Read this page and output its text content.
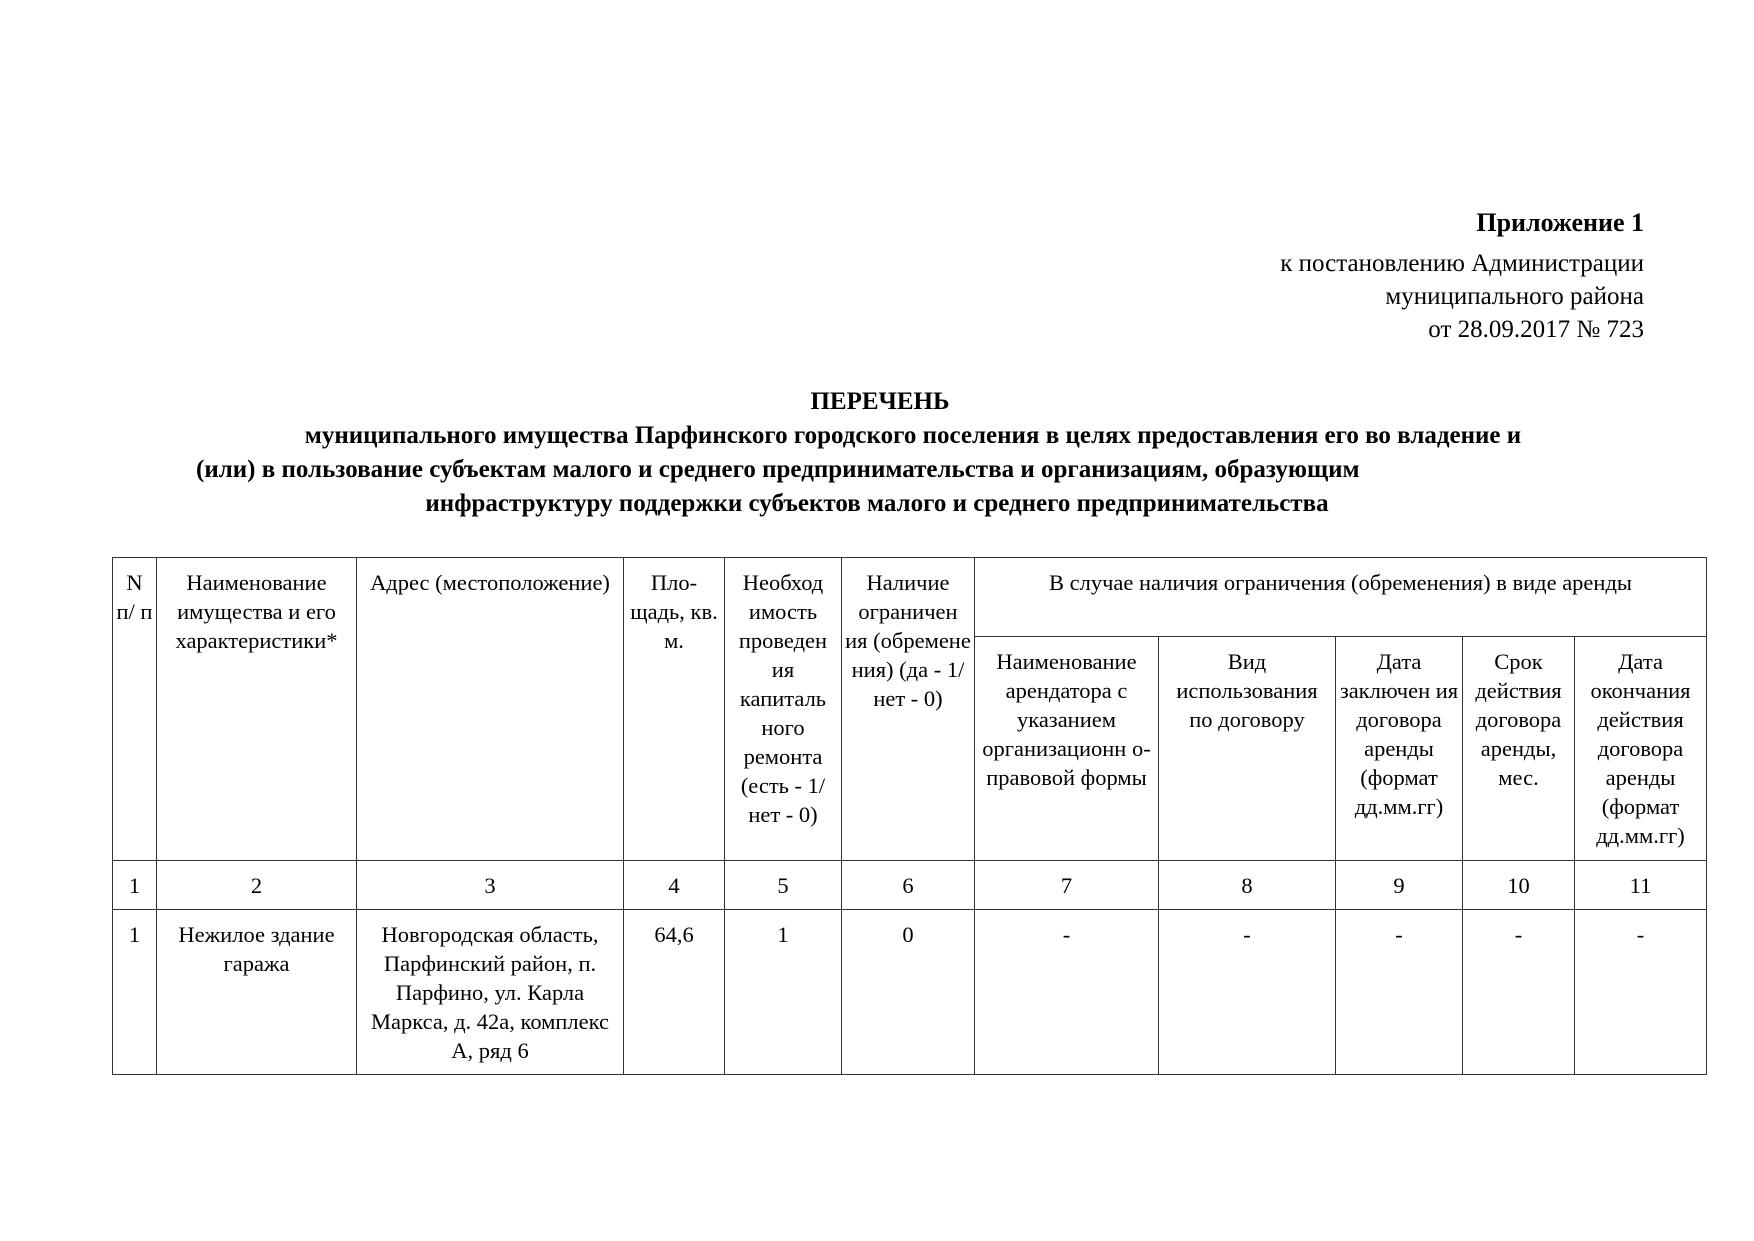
Приложение 1
к постановлению Администрации
муниципального района
от 28.09.2017 № 723
ПЕРЕЧЕНЬ
муниципального имущества Парфинского городского поселения в целях предоставления его во владение и
(или) в пользование субъектам малого и среднего предпринимательства и организациям, образующим
инфраструктуру поддержки субъектов малого и среднего предпринимательства
N п/ п	Наименование имущества и его характеристики*	Адрес (местоположение)	Пло- щадь, кв. м.	Необход имость проведен ия капиталь ного ремонта (есть - 1/нет - 0)	Наличие ограничен ия (обремене ния) (да - 1/нет - 0)	В случае наличия ограничения (обременения) в виде аренды				
						Наименование арендатора с указанием организационн о-правовой формы	Вид использования по договору	Дата заключен ия договора аренды (формат дд.мм.гг)	Срок действия договора аренды, мес.	Дата окончания действия договора аренды (формат дд.мм.гг)
1	2	3	4	5	6	7	8	9	10	11
1	Нежилое здание гаража	Новгородская область, Парфинский район, п. Парфино, ул. Карла Маркса, д. 42а, комплекс А, ряд 6	64,6	1	0	-	-	-	-	-
